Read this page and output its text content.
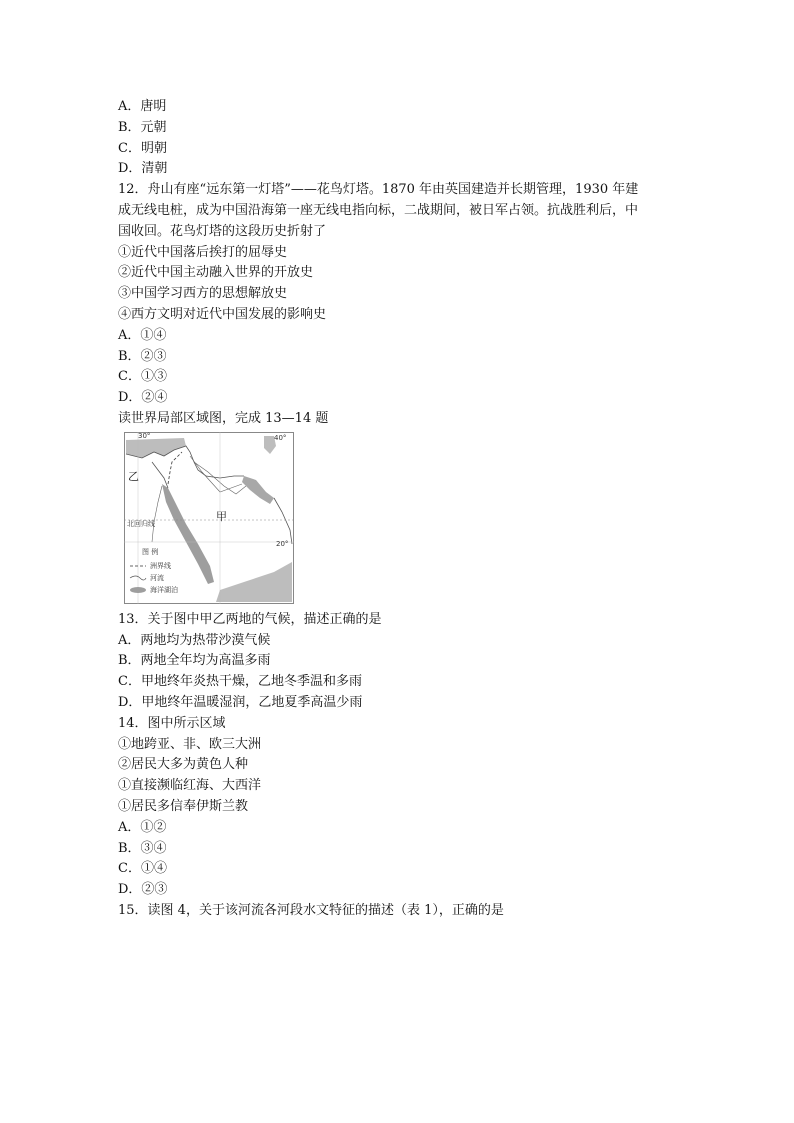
A．唐明
B．元朝
C．明朝
D．清朝
12．舟山有座“远东第一灯塔”——花鸟灯塔。1870 年由英国建造并长期管理，1930 年建
成无线电桩，成为中国沿海第一座无线电指向标，二战期间，被日军占领。抗战胜利后，中
国收回。花鸟灯塔的这段历史折射了
①近代中国落后挨打的屈辱史
②近代中国主动融入世界的开放史
③中国学习西方的思想解放史
④西方文明对近代中国发展的影响史
A．①④
B．②③
C．①③
D．②④
读世界局部区域图，完成 13—14 题
30°	40°
20°
甲
乙
北回归线
图 例
洲界线
河流
海洋湖泊
13．关于图中甲乙两地的气候，描述正确的是
A．两地均为热带沙漠气候
B．两地全年均为高温多雨
C．甲地终年炎热干燥，乙地冬季温和多雨
D．甲地终年温暖湿润，乙地夏季高温少雨
14．图中所示区域
①地跨亚、非、欧三大洲
②居民大多为黄色人种
①直接濒临红海、大西洋
①居民多信奉伊斯兰教
A．①②
B．③④
C．①④
D．②③
15．读图 4，关于该河流各河段水文特征的描述（表 1），正确的是
